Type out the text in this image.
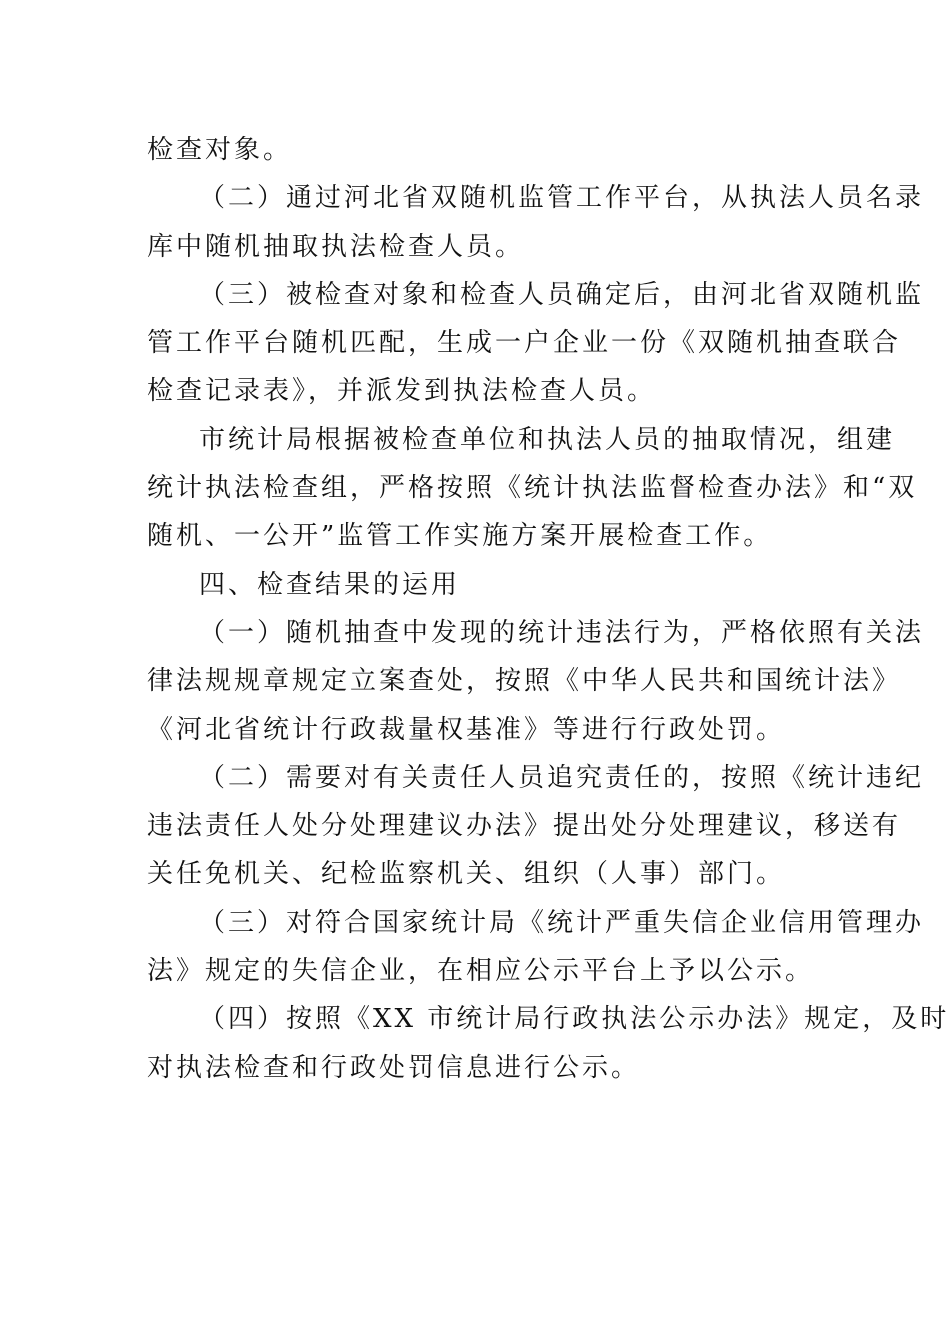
检查对象。
（二）通过河北省双随机监管工作平台，从执法人员名录
库中随机抽取执法检查人员。
（三）被检查对象和检查人员确定后，由河北省双随机监
管工作平台随机匹配，生成一户企业一份《双随机抽查联合
检查记录表》，并派发到执法检查人员。
市统计局根据被检查单位和执法人员的抽取情况，组建
统计执法检查组，严格按照《统计执法监督检查办法》和“双
随机、一公开”监管工作实施方案开展检查工作。
四、检查结果的运用
（一）随机抽查中发现的统计违法行为，严格依照有关法
律法规规章规定立案查处，按照《中华人民共和国统计法》
《河北省统计行政裁量权基准》等进行行政处罚。
（二）需要对有关责任人员追究责任的，按照《统计违纪
违法责任人处分处理建议办法》提出处分处理建议，移送有
关任免机关、纪检监察机关、组织（人事）部门。
（三）对符合国家统计局《统计严重失信企业信用管理办
法》规定的失信企业，在相应公示平台上予以公示。
（四）按照《XX 市统计局行政执法公示办法》规定，及时
对执法检查和行政处罚信息进行公示。
